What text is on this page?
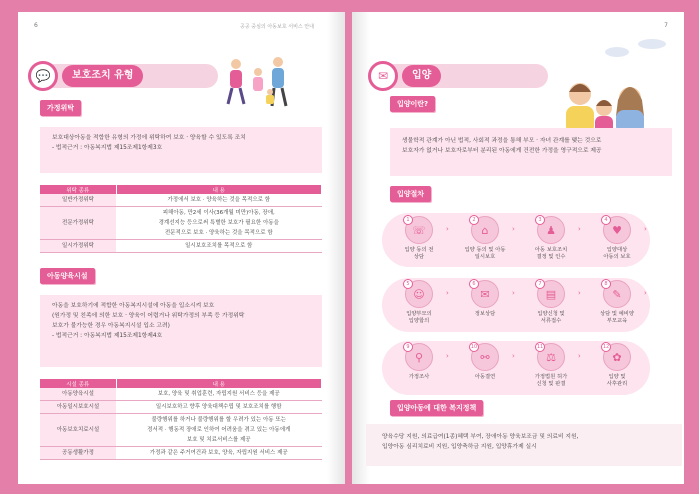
6	공공 중심의 아동보호 서비스 안내
💬	보호조치 유형
가정위탁
보호대상아동을 적합한 유형의 가정에 위탁하여 보호 · 양육할 수 있도록 조치
- 법적근거 : 아동복지법 제15조제1항제3호
위탁 종류	내 용
일반가정위탁	가정에서 보호 · 양육하는 것을 목적으로 함
전문가정위탁	피해아동, 만2세 이사(36개월 미만)아동, 장애,
경계선지능 등으로써 특별한 보호가 필요한 아동을
전문적으로 보호 · 양육하는 것을 목적으로 함

일시가정위탁	일시보호조치를 목적으로 함
아동양육시설
아동을 보호하기에 적합한 아동복지시설에 아동을 입소시켜 보호
(원가정 및 친족에 의한 보호 · 양육이 어렵거나 위탁가정의 부족 등 가정위탁
보호가 불가능한 경우 아동복지시설 입소 고려)
- 법적근거 : 아동복지법 제15조제1항제4호
시설 종류	내 용
아동양육시설	보호, 양육 및 취업훈련, 자립지원 서비스 등을 제공
아동일시보호시설	일시보호하고 향후 양육대책수립 및 보호조치를 행함
아동보호치료시설	불량행위를 하거나 불량행위를 할 우려가 있는 아동 또는
정서적 · 행동적 장애로 인하여 어려움을 겪고 있는 아동에게
보호 및 치료서비스를 제공

공동생활가정	가정과 같은 주거여건과 보호, 양육, 자립지원 서비스 제공
7
✉	입양
입양이란?
생물학적 관계가 아닌 법적, 사회적 과정을 통해 부모 · 자녀 관계를 맺는 것으로
보호자가 없거나 보호자로부터 분리된 아동에게 건전한 가정을 영구적으로 제공
입양절차
☏
1
입양 동의 전
상담
›	⌂
2
입양 동의 및 아동
일시보호
›	♟
3
아동 보호조치
결정 및 인수
›	♥
4
입양대상
아동의 보호
›
☺
5
입양부모의
입양합의
›	✉
6
정보상담
›	▤
7
입양신청 및
서류접수
›	✎
8
상담 및 예비양
부모교육
›
⚲
9
가정조사
›	⚯
10
아동결연
›	⚖
11
가정법원 허가
신청 및 판결
›	✿
12
입양 및
사후관리
입양아동에 대한 복지정책
양육수당 지원, 의료급여(1종)혜택 부여, 장애아동 양육보조금 및 의료비 지원,
입양아동 심리치료비 지원, 입양축하금 지원, 입양휴가제 실시
